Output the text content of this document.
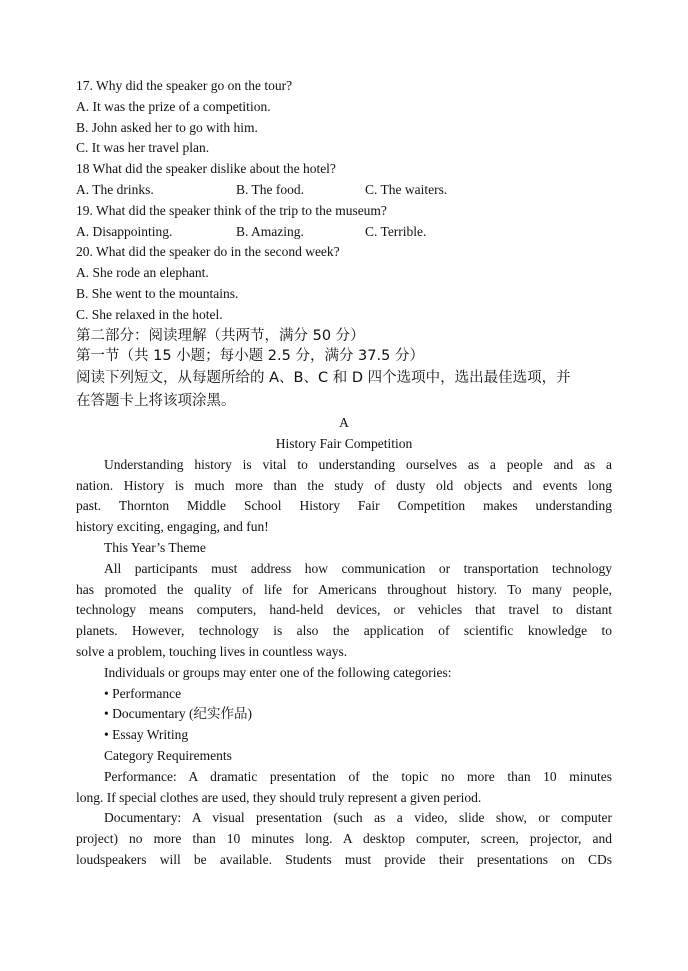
17. Why did the speaker go on the tour?
A. It was the prize of a competition.
B. John asked her to go with him.
C. It was her travel plan.
18 What did the speaker dislike about the hotel?
A. The drinks.	B. The food.	C. The waiters.
19. What did the speaker think of the trip to the museum?
A. Disappointing.	B. Amazing.	C. Terrible.
20. What did the speaker do in the second week?
A. She rode an elephant.
B. She went to the mountains.
C. She relaxed in the hotel.
第二部分：阅读理解（共两节，满分 50 分）
第一节（共 15 小题；每小题 2.5 分，满分 37.5 分）
阅读下列短文，从每题所给的 A、B、C 和 D 四个选项中，选出最佳选项，并
在答题卡上将该项涂黑。
A
History Fair Competition
Understanding history is vital to understanding ourselves as a people and as a
nation. History is much more than the study of dusty old objects and events long
past. Thornton Middle School History Fair Competition makes understanding
history exciting, engaging, and fun!
This Year’s Theme
All participants must address how communication or transportation technology
has promoted the quality of life for Americans throughout history. To many people,
technology means computers, hand-held devices, or vehicles that travel to distant
planets. However, technology is also the application of scientific knowledge to
solve a problem, touching lives in countless ways.
Individuals or groups may enter one of the following categories:
• Performance
• Documentary (纪实作品)
• Essay Writing
Category Requirements
Performance: A dramatic presentation of the topic no more than 10 minutes
long. If special clothes are used, they should truly represent a given period.
Documentary: A visual presentation (such as a video, slide show, or computer
project) no more than 10 minutes long. A desktop computer, screen, projector, and
loudspeakers will be available. Students must provide their presentations on CDs
